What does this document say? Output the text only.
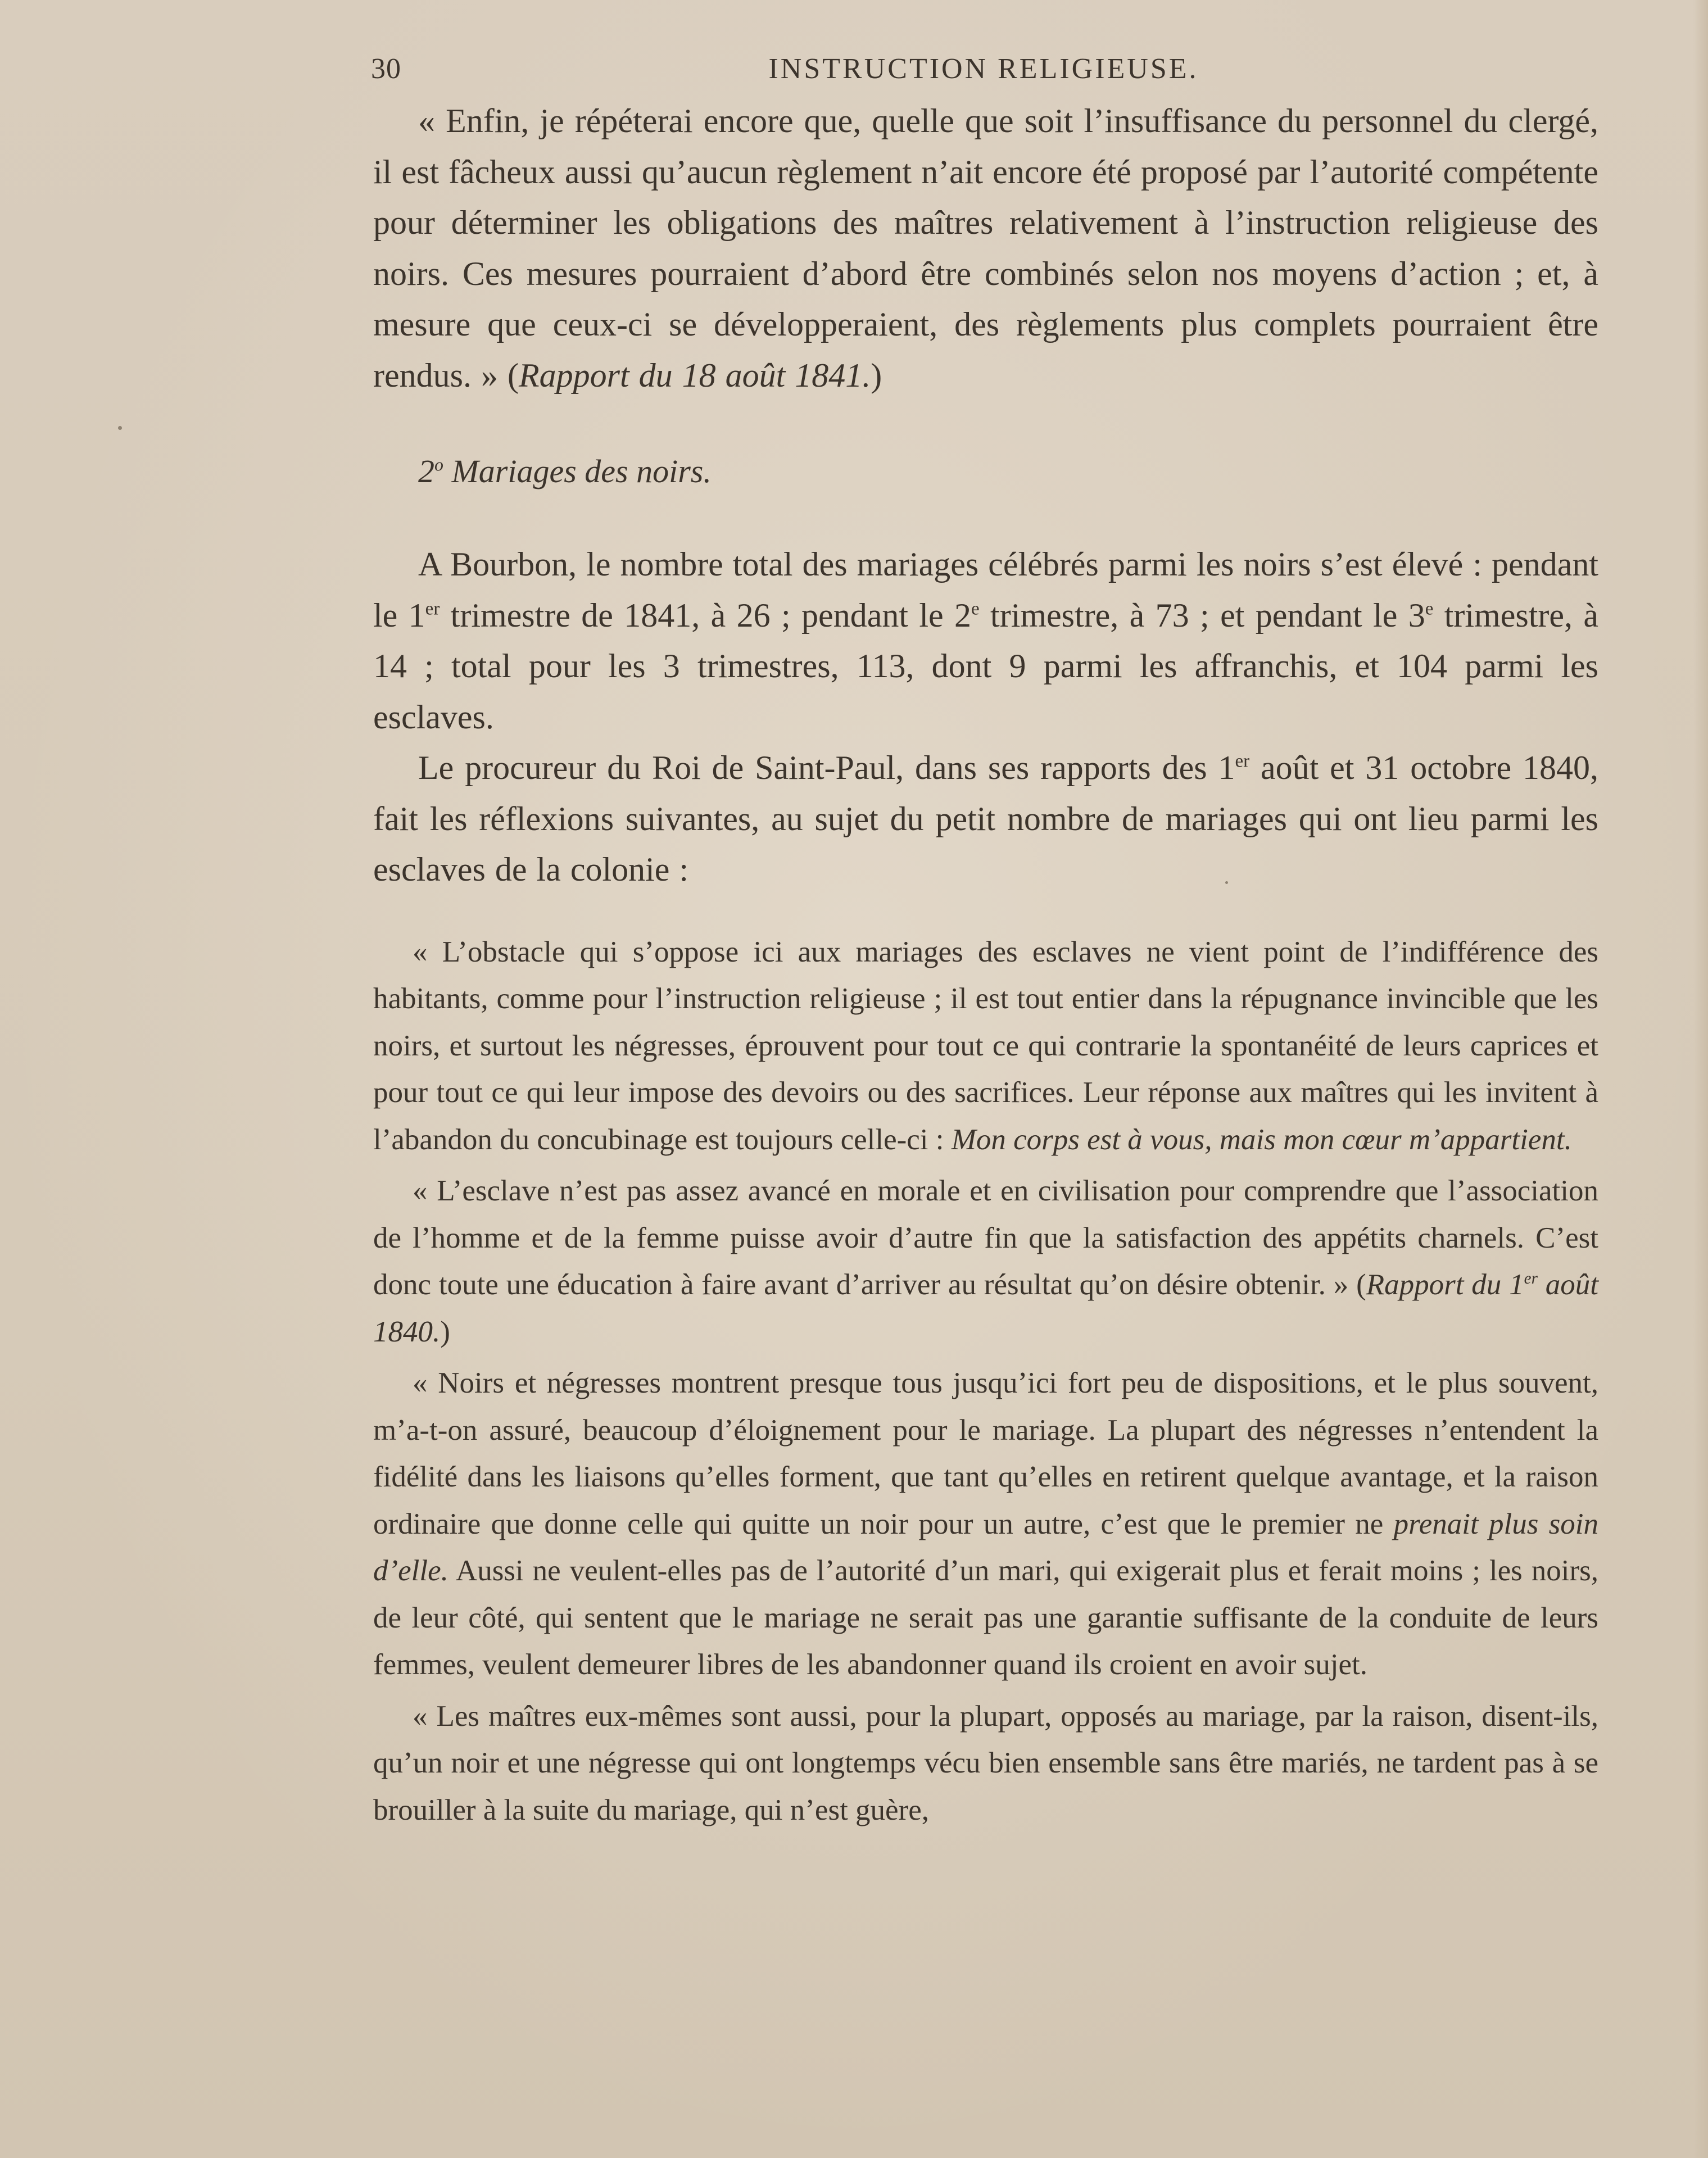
30	INSTRUCTION RELIGIEUSE.

« Enfin, je répéterai encore que, quelle que soit l’insuffisance du personnel du clergé, il est fâcheux aussi qu’aucun règlement n’ait encore été proposé par l’autorité compétente pour déterminer les obligations des maîtres relativement à l’instruction religieuse des noirs. Ces mesures pourraient d’abord être combinés selon nos moyens d’action ; et, à mesure que ceux-ci se développeraient, des règlements plus complets pourraient être rendus. » (Rapport du 18 août 1841.)

2$^o$ Mariages des noirs.

A Bourbon, le nombre total des mariages célébrés parmi les noirs s’est élevé : pendant le 1er trimestre de 1841, à 26 ; pendant le 2e trimestre, à 73 ; et pendant le 3e trimestre, à 14 ; total pour les 3 trimestres, 113, dont 9 parmi les affranchis, et 104 parmi les esclaves.

Le procureur du Roi de Saint-Paul, dans ses rapports des 1er août et 31 octobre 1840, fait les réflexions suivantes, au sujet du petit nombre de mariages qui ont lieu parmi les esclaves de la colonie :

« L’obstacle qui s’oppose ici aux mariages des esclaves ne vient point de l’indifférence des habitants, comme pour l’instruction religieuse ; il est tout entier dans la répugnance invincible que les noirs, et surtout les négresses, éprouvent pour tout ce qui contrarie la spontanéité de leurs caprices et pour tout ce qui leur impose des devoirs ou des sacrifices. Leur réponse aux maîtres qui les invitent à l’abandon du concubinage est toujours celle-ci : Mon corps est à vous, mais mon cœur m’appartient.

« L’esclave n’est pas assez avancé en morale et en civilisation pour comprendre que l’association de l’homme et de la femme puisse avoir d’autre fin que la satisfaction des appétits charnels. C’est donc toute une éducation à faire avant d’arriver au résultat qu’on désire obtenir. » (Rapport du 1er août 1840.)

« Noirs et négresses montrent presque tous jusqu’ici fort peu de dispositions, et le plus souvent, m’a-t-on assuré, beaucoup d’éloignement pour le mariage. La plupart des négresses n’entendent la fidélité dans les liaisons qu’elles forment, que tant qu’elles en retirent quelque avantage, et la raison ordinaire que donne celle qui quitte un noir pour un autre, c’est que le premier ne prenait plus soin d’elle. Aussi ne veulent-elles pas de l’autorité d’un mari, qui exigerait plus et ferait moins ; les noirs, de leur côté, qui sentent que le mariage ne serait pas une garantie suffisante de la conduite de leurs femmes, veulent demeurer libres de les abandonner quand ils croient en avoir sujet.

« Les maîtres eux-mêmes sont aussi, pour la plupart, opposés au mariage, par la raison, disent-ils, qu’un noir et une négresse qui ont longtemps vécu bien ensemble sans être mariés, ne tardent pas à se brouiller à la suite du mariage, qui n’est guère,
